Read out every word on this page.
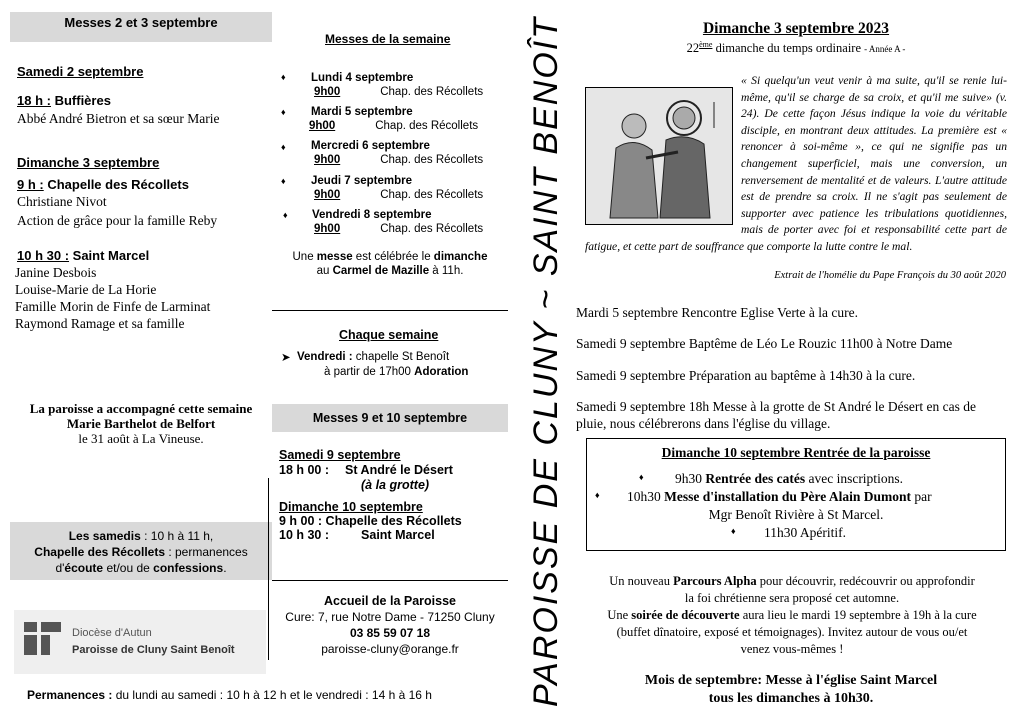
Messes 2 et 3 septembre
Samedi 2 septembre
18 h : Buffières
Abbé André Bietron et sa sœur Marie
Dimanche 3 septembre
9 h : Chapelle des Récollets
Christiane Nivot
Action de grâce pour la famille Reby
10 h 30 : Saint Marcel
Janine Desbois
Louise-Marie de La Horie
Famille Morin de Finfe de Larminat
Raymond Ramage et sa famille
La paroisse a accompagné cette semaine
Marie Barthelot de Belfort
le 31 août à La Vineuse.
Les samedis : 10 h à 11 h,
Chapelle des Récollets : permanences
d'écoute et/ou de confessions.
Diocèse d'Autun
Paroisse de Cluny Saint Benoît
Permanences : du lundi au samedi : 10 h à 12 h et le vendredi : 14 h à 16 h
Messes de la semaine
♦ Lundi 4 septembre
9h00	Chap. des Récollets
♦ Mardi 5 septembre
9h00	Chap. des Récollets
♦ Mercredi 6 septembre
9h00	Chap. des Récollets
♦ Jeudi 7 septembre
9h00	Chap. des Récollets
♦ Vendredi 8 septembre
9h00	Chap. des Récollets
Une messe est célébrée le dimanche
au Carmel de Mazille à 11h.
Chaque semaine
➤ Vendredi : chapelle St Benoît
à partir de 17h00 Adoration
Messes 9 et 10 septembre
Samedi 9 septembre
18 h 00 : St André le Désert
(à la grotte)
Dimanche 10 septembre
9 h 00 : Chapelle des Récollets
10 h 30 :	Saint Marcel
Accueil de la Paroisse
Cure: 7, rue Notre Dame - 71250 Cluny
03 85 59 07 18
paroisse-cluny@orange.fr	PAROISSE DE CLUNY ~ SAINT BENOÎT	Dimanche 3 septembre 2023
22ème dimanche du temps ordinaire - Année A -
« Si quelqu'un veut venir à ma suite, qu'il se renie lui-même, qu'il se charge de sa croix, et qu'il me suive» (v. 24). De cette façon Jésus indique la voie du véritable disciple, en montrant deux attitudes. La première est « renoncer à soi-même », ce qui ne signifie pas un changement superficiel, mais une conversion, un renversement de mentalité et de valeurs. L'autre attitude est de prendre sa croix. Il ne s'agit pas seulement de supporter avec patience les tribulations quotidiennes, mais de porter avec foi et responsabilité cette part de fatigue, et cette part de souffrance que comporte la lutte contre le mal.
Extrait de l'homélie du Pape François du 30 août 2020
Mardi 5 septembre Rencontre Eglise Verte à la cure.
Samedi 9 septembre Baptême de Léo Le Rouzic 11h00 à Notre Dame
Samedi 9 septembre Préparation au baptême à 14h30 à la cure.
Samedi 9 septembre 18h Messe à la grotte de St André le Désert en cas de pluie, nous célébrerons dans l'église du village.
Dimanche 10 septembre Rentrée de la paroisse
♦ 9h30 Rentrée des catés avec inscriptions.
♦ 10h30 Messe d'installation du Père Alain Dumont par
Mgr Benoît Rivière à St Marcel.
♦ 11h30 Apéritif.
Un nouveau Parcours Alpha pour découvrir, redécouvrir ou approfondir
la foi chrétienne sera proposé cet automne.
Une soirée de découverte aura lieu le mardi 19 septembre à 19h à la cure
(buffet dînatoire, exposé et témoignages). Invitez autour de vous ou/et
venez vous-mêmes !
Mois de septembre: Messe à l'église Saint Marcel
tous les dimanches à 10h30.
